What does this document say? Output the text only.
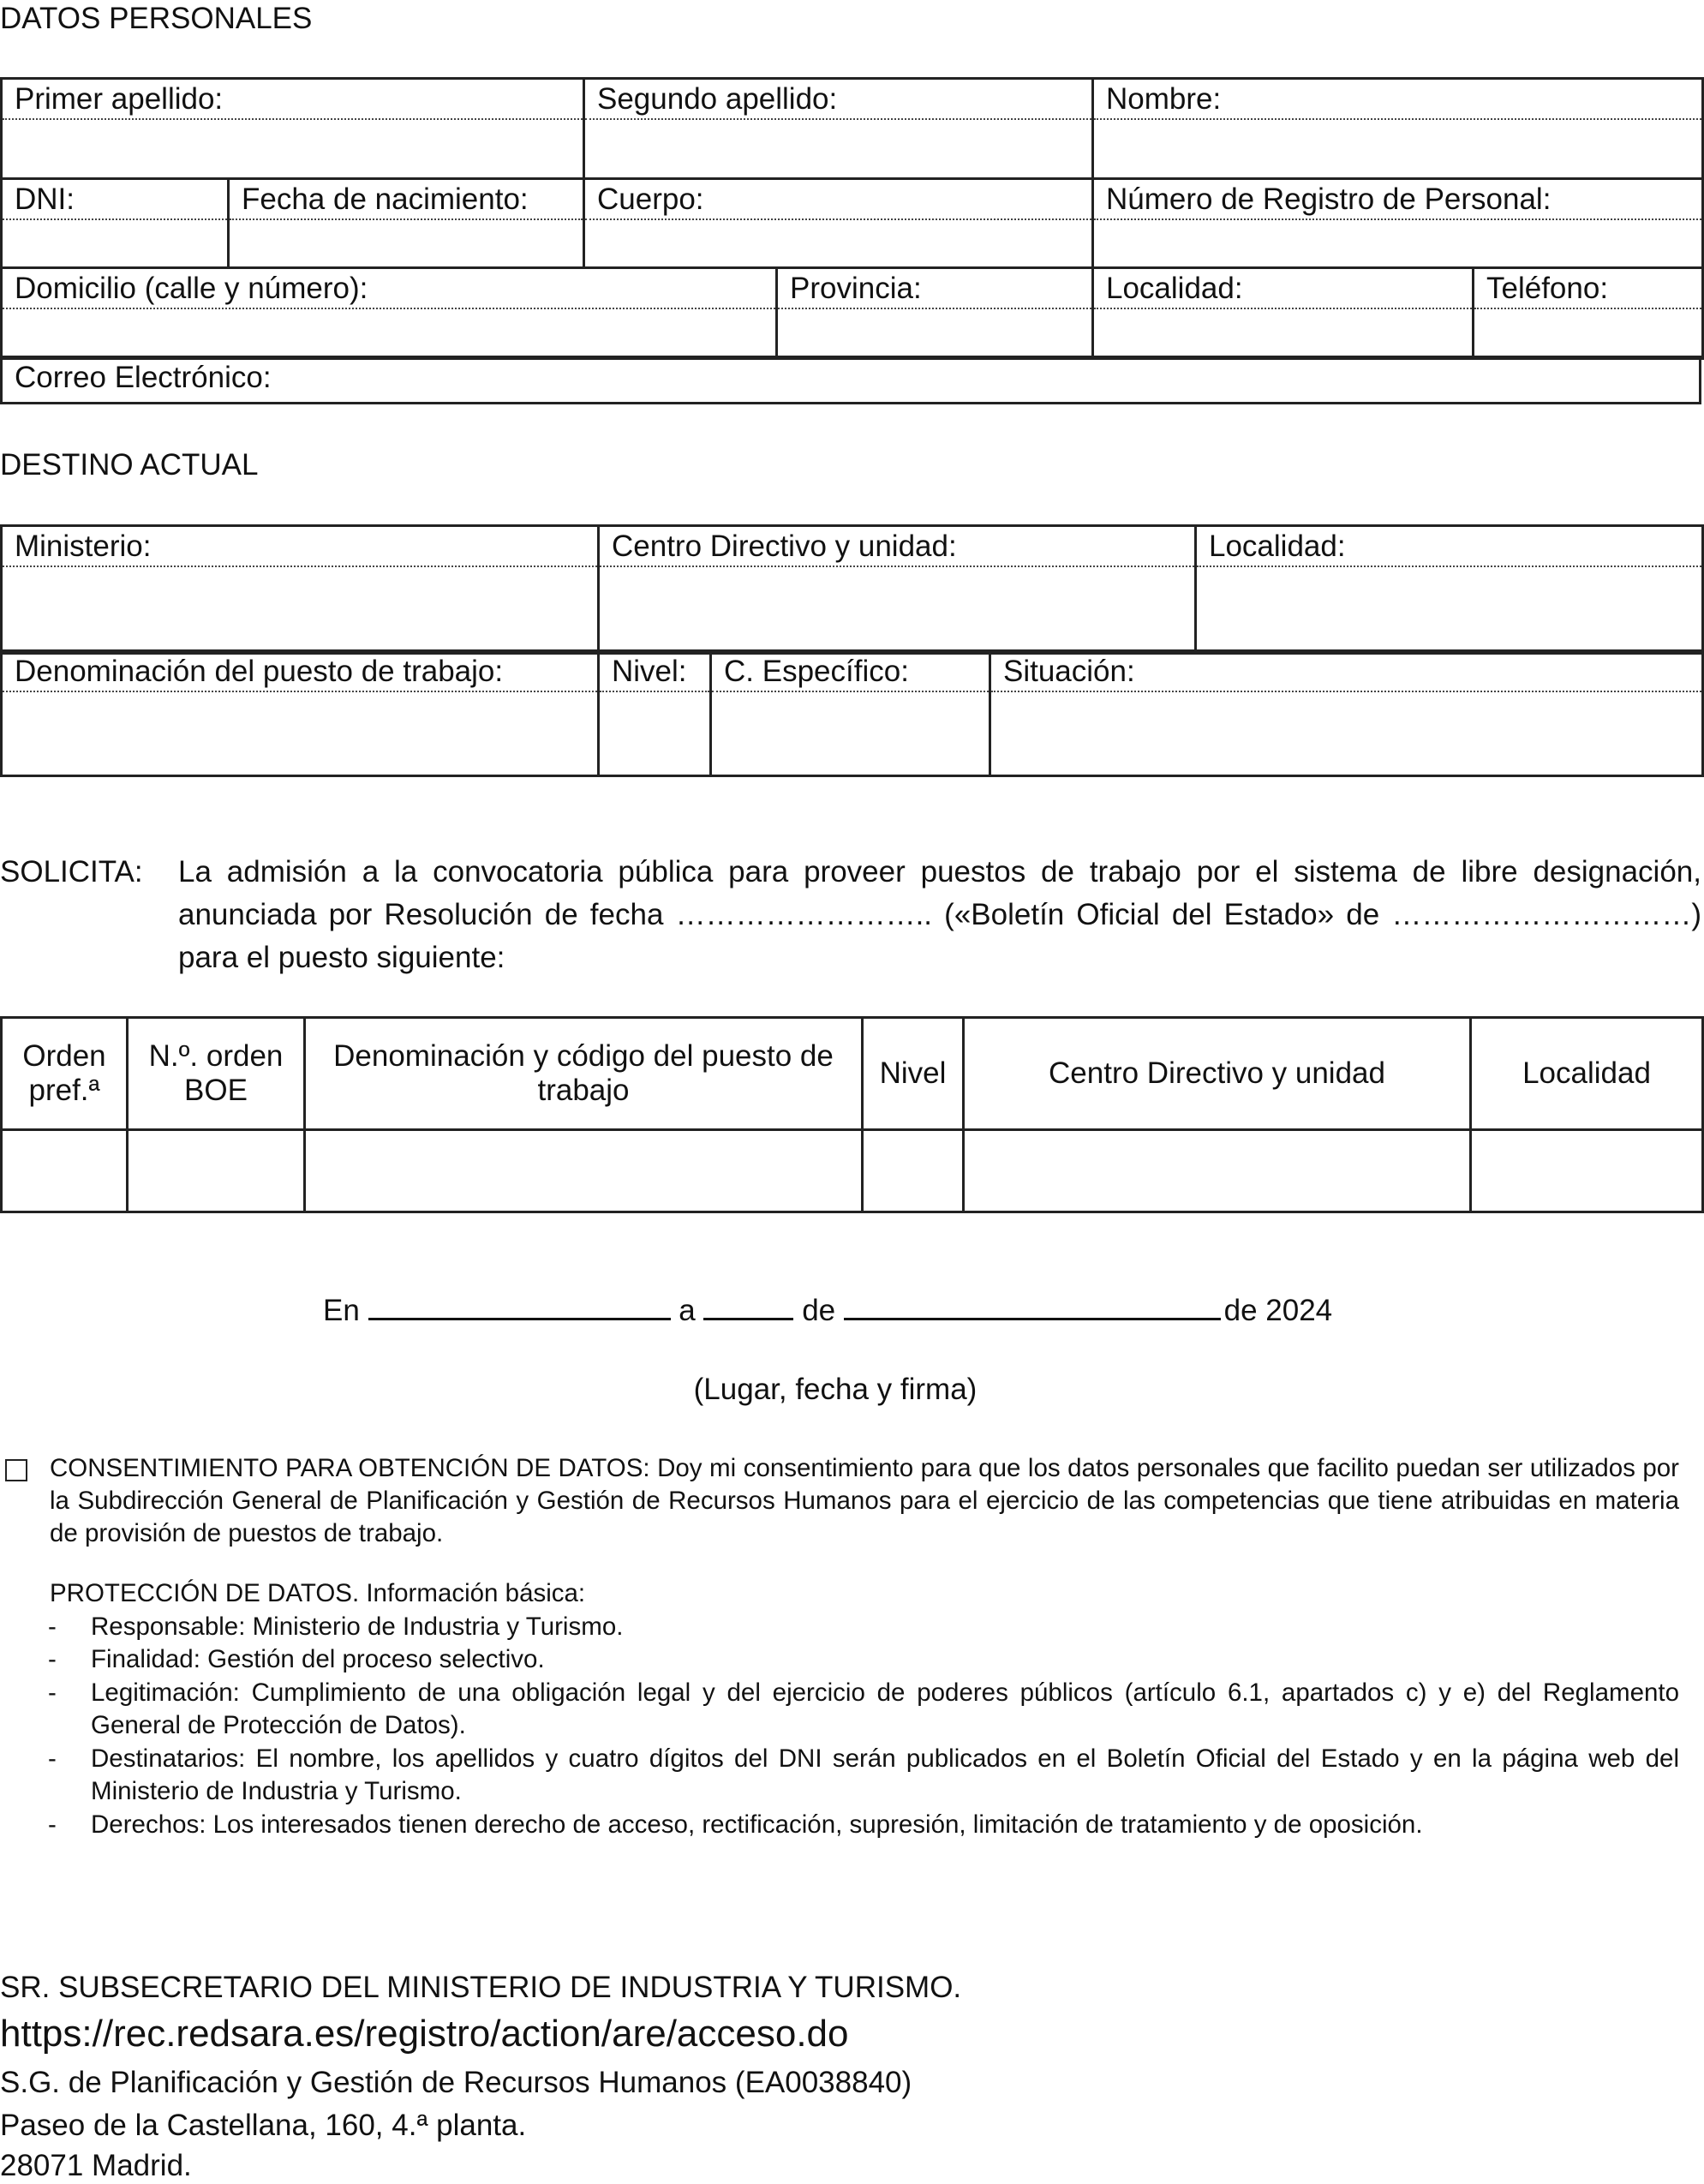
DATOS PERSONALES
Primer apellido:		Segundo apellido:	Nombre:

DNI:	Fecha de nacimiento:	Cuerpo:	Número de Registro de Personal:
Domicilio (calle y número):	Provincia:	Localidad:	Teléfono:
Correo Electrónico:
DESTINO ACTUAL
Ministerio:	Centro Directivo y unidad:	Localidad:
Denominación del puesto de trabajo:	Nivel:	C. Específico:	Situación:
SOLICITA: La admisión a la convocatoria pública para proveer puestos de trabajo por el sistema de libre designación,
anunciada por Resolución de fecha …………………….. («Boletín Oficial del Estado» de …………………………)
para el puesto siguiente:
Orden pref.ª	N.º. orden BOE	Denominación y código del puesto de trabajo	Nivel	Centro Directivo y unidad	Localidad

En	a	de	de 2024
(Lugar, fecha y firma)
CONSENTIMIENTO PARA OBTENCIÓN DE DATOS: Doy mi consentimiento para que los datos personales que facilito puedan ser utilizados por la Subdirección General de Planificación y Gestión de Recursos Humanos para el ejercicio de las competencias que tiene atribuidas en materia de provisión de puestos de trabajo.
PROTECCIÓN DE DATOS. Información básica:
- Responsable: Ministerio de Industria y Turismo.
- Finalidad: Gestión del proceso selectivo.
- Legitimación: Cumplimiento de una obligación legal y del ejercicio de poderes públicos (artículo 6.1, apartados c) y e) del Reglamento General de Protección de Datos).
- Destinatarios: El nombre, los apellidos y cuatro dígitos del DNI serán publicados en el Boletín Oficial del Estado y en la página web del Ministerio de Industria y Turismo.
- Derechos: Los interesados tienen derecho de acceso, rectificación, supresión, limitación de tratamiento y de oposición.
SR. SUBSECRETARIO DEL MINISTERIO DE INDUSTRIA Y TURISMO.
https://rec.redsara.es/registro/action/are/acceso.do
S.G. de Planificación y Gestión de Recursos Humanos (EA0038840)
Paseo de la Castellana, 160, 4.ª planta.
28071 Madrid.
